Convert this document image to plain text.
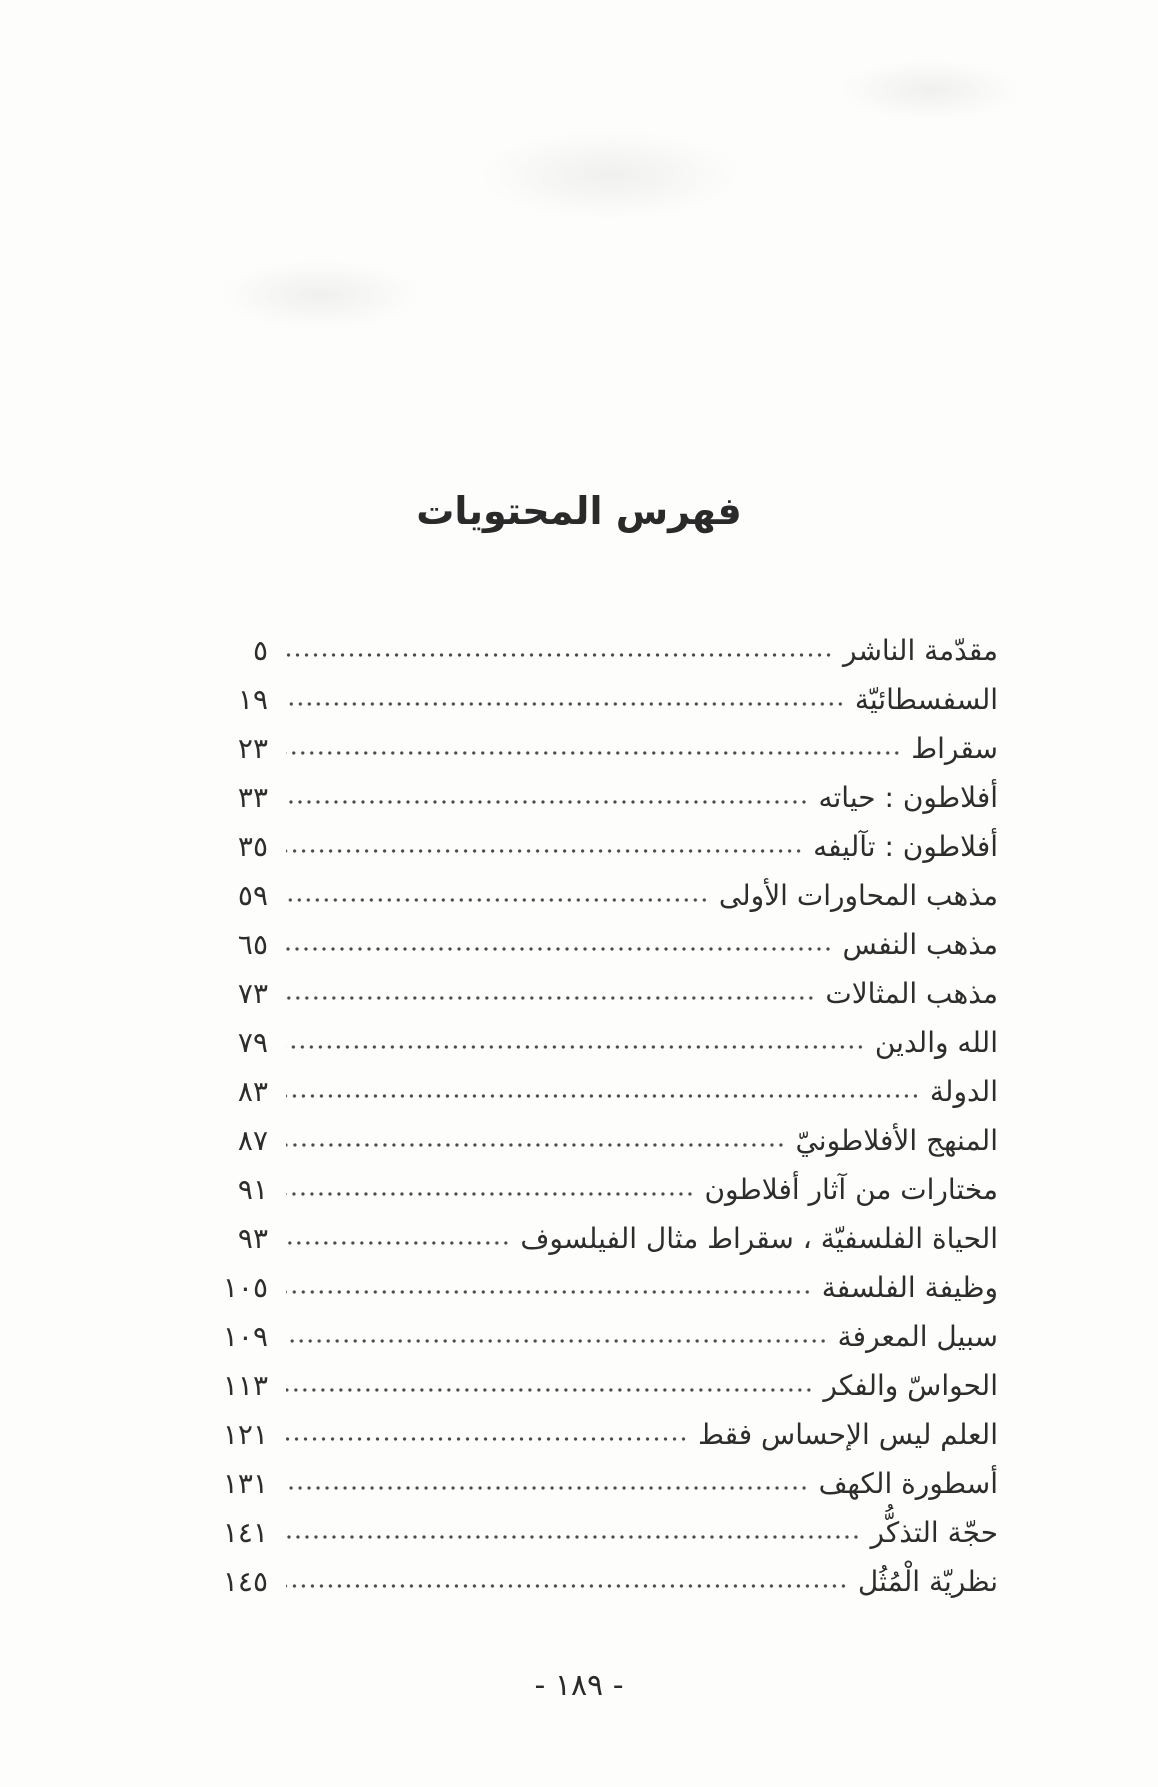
فهرس المحتويات
مقدّمة الناشر
٥
السفسطائيّة
١٩
سقراط
٢٣
أفلاطون : حياته
٣٣
أفلاطون : تآليفه
٣٥
مذهب المحاورات الأولى
٥٩
مذهب النفس
٦٥
مذهب المثالات
٧٣
الله والدين
٧٩
الدولة
٨٣
المنهج الأفلاطونيّ
٨٧
مختارات من آثار أفلاطون
٩١
الحياة الفلسفيّة ، سقراط مثال الفيلسوف
٩٣
وظيفة الفلسفة
١٠٥
سبيل المعرفة
١٠٩
الحواسّ والفكر
١١٣
العلم ليس الإحساس فقط
١٢١
أسطورة الكهف
١٣١
حجّة التذكُّر
١٤١
نظريّة الْمُثُل
١٤٥
- ١٨٩ -
